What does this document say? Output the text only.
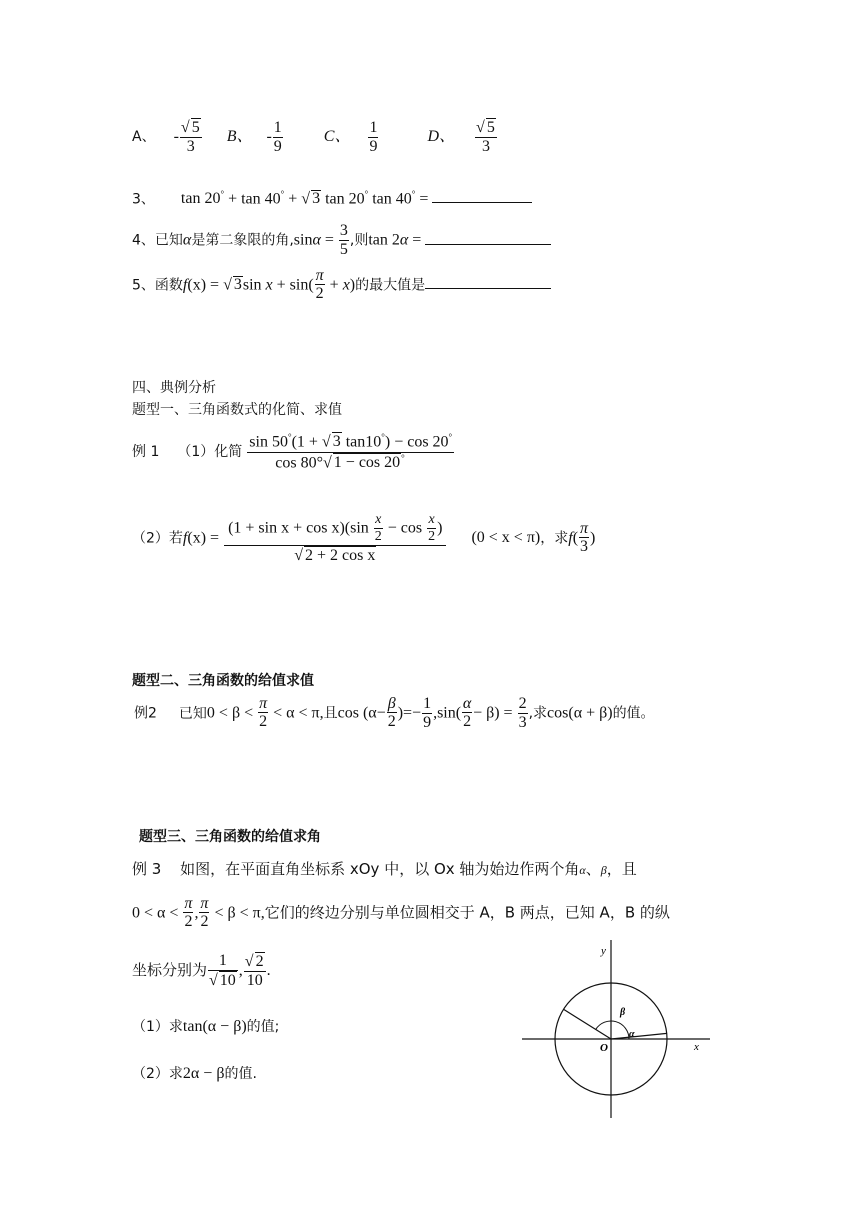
A、 - $\frac{√ 5}{3}$ B、 - $\frac{1}{9}$	C、 $\frac{1}{9}$	D、 $\frac{√ 5}{3}$
3、 tan 20° + tan 40° + √ 3 tan 20° tan 40° =
4、已知α是第二象限的角$,\sin\alpha = \frac{3}{5}$ ,则tan 2α =
5、函数f(x) = √ 3sin $x + \sin( \frac{\pi}{2} + x)$的最大值是
四、典例分析
题型一、三角函数式的化简、求值
例 1 （1）化简 $\frac{\sin 50^\circ(1 + √ 3 \tan 10^\circ) - \cos 20^\circ}{\cos 80^\circ√ 1 - \cos 20^\circ}$
（2）若$f(x) = \frac{(1 + \sin x + \cos x)(\sin \frac{x}{2} - \cos \frac{x}{2} )}{\text{√ 2 + 2 cos x}} (0 < x < \pi)$，求$f( \frac{\pi}{3}$ )
题型二、三角函数的给值求值
例2 已知$0 < \beta < \frac{\pi}{2} < \alpha < \pi$,且$\cos (\alpha- \frac{\beta}{2}$ )=− $\frac{1}{9} ,\sin( \frac{\alpha}{2} - \beta) = \frac{2}{3}$ ,求cos(α + β)的值。
题型三、三角函数的给值求角
例 3 如图，在平面直角坐标系 xOy 中，以 Ox 轴为始边作两个角α、β，且
$0 < \alpha < \frac{\pi}{2}$ , $\frac{\pi}{2} < \beta < \pi$,它们的终边分别与单位圆相交于 A，B 两点，已知 A，B 的纵
坐标分别为 $\frac{1}{√ 10}$ , $\frac{√ 2}{10}$ .
（1）求tan(α − β)的值;
（2）求2α − β的值.
y
x
O
α
β
